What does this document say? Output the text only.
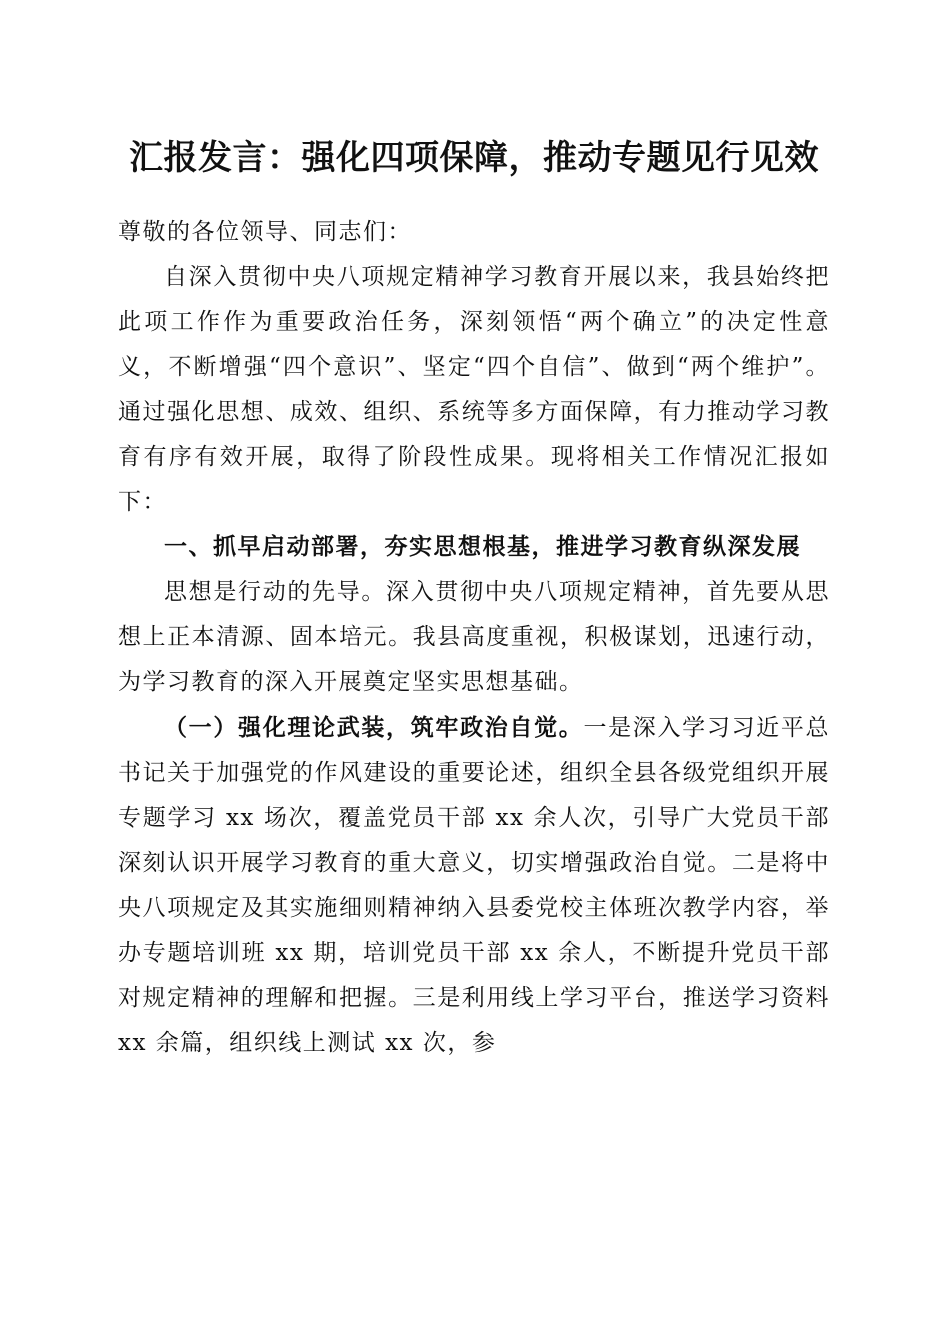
汇报发言：强化四项保障，推动专题见行见效

尊敬的各位领导、同志们：

自深入贯彻中央八项规定精神学习教育开展以来，我县始终把此项工作作为重要政治任务，深刻领悟“两个确立”的决定性意义，不断增强“四个意识”、坚定“四个自信”、做到“两个维护”。通过强化思想、成效、组织、系统等多方面保障，有力推动学习教育有序有效开展，取得了阶段性成果。现将相关工作情况汇报如下：

一、抓早启动部署，夯实思想根基，推进学习教育纵深发展

思想是行动的先导。深入贯彻中央八项规定精神，首先要从思想上正本清源、固本培元。我县高度重视，积极谋划，迅速行动，为学习教育的深入开展奠定坚实思想基础。

（一）强化理论武装，筑牢政治自觉。一是深入学习习近平总书记关于加强党的作风建设的重要论述，组织全县各级党组织开展专题学习 xx 场次，覆盖党员干部 xx 余人次，引导广大党员干部深刻认识开展学习教育的重大意义，切实增强政治自觉。二是将中央八项规定及其实施细则精神纳入县委党校主体班次教学内容，举办专题培训班 xx 期，培训党员干部 xx 余人，不断提升党员干部对规定精神的理解和把握。三是利用线上学习平台，推送学习资料 xx 余篇，组织线上测试 xx 次，参
